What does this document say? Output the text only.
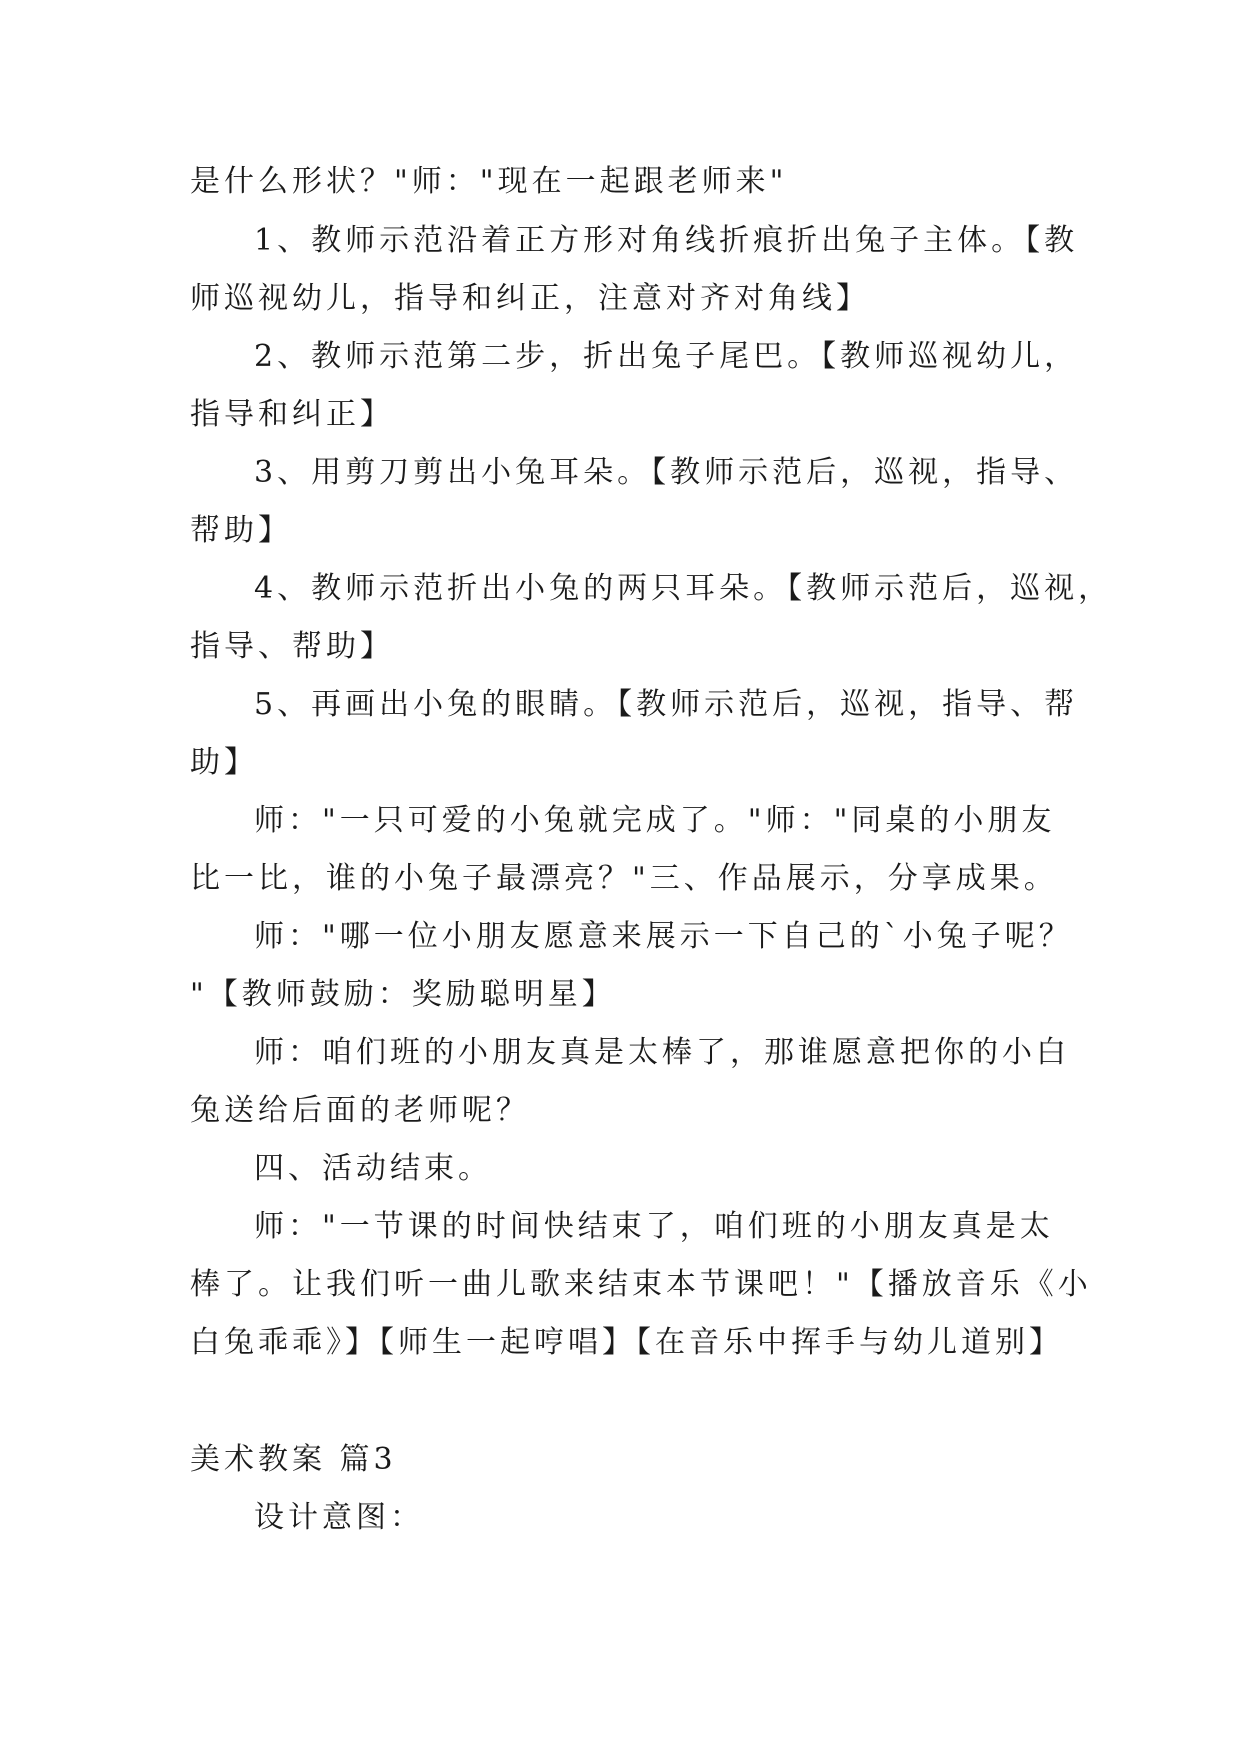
是什么形状？"师："现在一起跟老师来"
1、教师示范沿着正方形对角线折痕折出兔子主体。【教
师巡视幼儿，指导和纠正，注意对齐对角线】
2、教师示范第二步，折出兔子尾巴。【教师巡视幼儿，
指导和纠正】
3、用剪刀剪出小兔耳朵。【教师示范后，巡视，指导、
帮助】
4、教师示范折出小兔的两只耳朵。【教师示范后，巡视，
指导、帮助】
5、再画出小兔的眼睛。【教师示范后，巡视，指导、帮
助】
师："一只可爱的小兔就完成了。"师："同桌的小朋友
比一比，谁的小兔子最漂亮？"三、作品展示，分享成果。
师："哪一位小朋友愿意来展示一下自己的`小兔子呢？
"【教师鼓励：奖励聪明星】
师：咱们班的小朋友真是太棒了，那谁愿意把你的小白
兔送给后面的老师呢？
四、活动结束。
师："一节课的时间快结束了，咱们班的小朋友真是太
棒了。让我们听一曲儿歌来结束本节课吧！"【播放音乐《小
白兔乖乖》】【师生一起哼唱】【在音乐中挥手与幼儿道别】
美术教案 篇3
设计意图：
